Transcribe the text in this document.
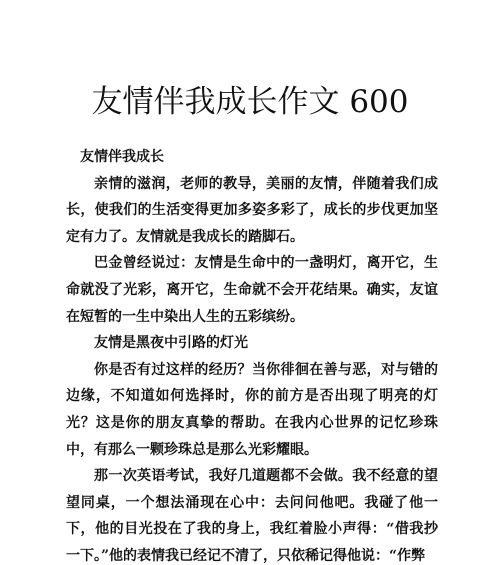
友情伴我成长作文 600

友情伴我成长

亲情的滋润，老师的教导，美丽的友情，伴随着我们成长，使我们的生活变得更加多姿多彩了，成长的步伐更加坚定有力了。友情就是我成长的踏脚石。

巴金曾经说过：友情是生命中的一盏明灯，离开它，生命就没了光彩，离开它，生命就不会开花结果。确实，友谊在短暂的一生中染出人生的五彩缤纷。

友情是黑夜中引路的灯光

你是否有过这样的经历？当你徘徊在善与恶，对与错的边缘，不知道如何选择时，你的前方是否出现了明亮的灯光？这是你的朋友真挚的帮助。在我内心世界的记忆珍珠中，有那么一颗珍珠总是那么光彩耀眼。

那一次英语考试，我好几道题都不会做。我不经意的望望同桌，一个想法涌现在心中：去问问他吧。我碰了他一下，他的目光投在了我的身上，我红着脸小声得：“借我抄一下。”他的表情我已经记不清了，只依稀记得他说：“作弊
